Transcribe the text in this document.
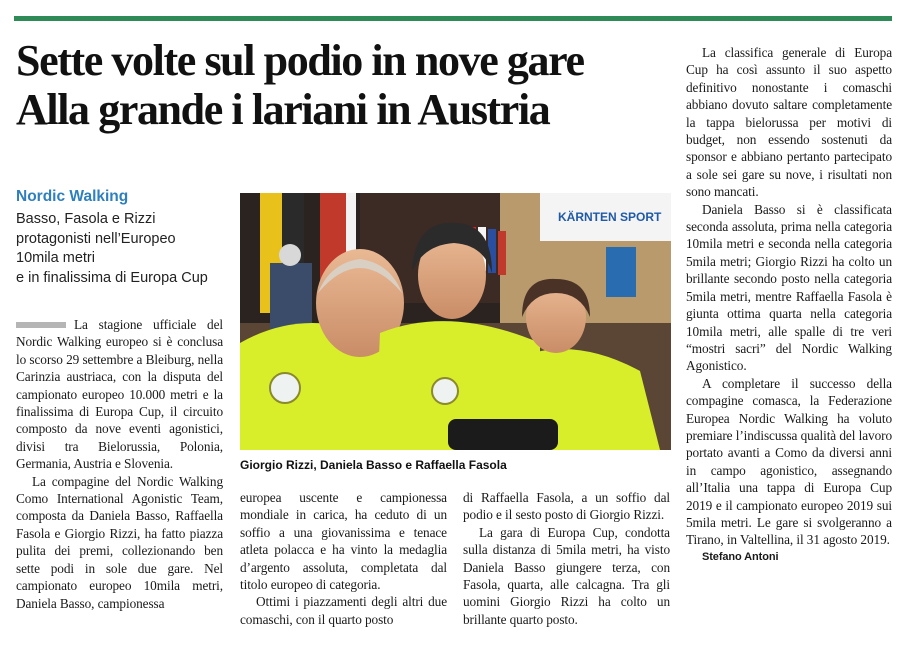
Sette volte sul podio in nove gare
Alla grande i lariani in Austria
Nordic Walking
Basso, Fasola e Rizzi
protagonisti nell’Europeo
10mila metri
e in finalissima di Europa Cup

La stagione ufficiale del Nordic Walking europeo si è conclusa lo scorso 29 settembre a Bleiburg, nella Carinzia austriaca, con la disputa del campionato europeo 10.000 metri e la finalissima di Europa Cup, il circuito composto da nove eventi agonistici, divisi tra Bielorussia, Polonia, Germania, Austria e Slovenia.

La compagine del Nordic Walking Como International Agonistic Team, composta da Daniela Basso, Raffaella Fasola e Giorgio Rizzi, ha fatto piazza pulita dei premi, collezionando ben sette podi in sole due gare. Nel campionato europeo 10mila metri, Daniela Basso, campionessa

KÄRNTEN SPORT
Giorgio Rizzi, Daniela Basso e Raffaella Fasola

europea uscente e campionessa mondiale in carica, ha ceduto di un soffio a una giovanissima e tenace atleta polacca e ha vinto la medaglia d’argento assoluta, completata dal titolo europeo di categoria.

Ottimi i piazzamenti degli altri due comaschi, con il quarto posto

di Raffaella Fasola, a un soffio dal podio e il sesto posto di Giorgio Rizzi.

La gara di Europa Cup, condotta sulla distanza di 5mila metri, ha visto Daniela Basso giungere terza, con Fasola, quarta, alle calcagna. Tra gli uomini Giorgio Rizzi ha colto un brillante quarto posto.

La classifica generale di Europa Cup ha così assunto il suo aspetto definitivo nonostante i comaschi abbiano dovuto saltare completamente la tappa bielorussa per motivi di budget, non essendo sostenuti da sponsor e abbiano pertanto partecipato a sole sei gare su nove, i risultati non sono mancati.

Daniela Basso si è classificata seconda assoluta, prima nella categoria 10mila metri e seconda nella categoria 5mila metri; Giorgio Rizzi ha colto un brillante secondo posto nella categoria 5mila metri, mentre Raffaella Fasola è giunta ottima quarta nella categoria 10mila metri, alle spalle di tre veri “mostri sacri” del Nordic Walking Agonistico.

A completare il successo della compagine comasca, la Federazione Europea Nordic Walking ha voluto premiare l’indiscussa qualità del lavoro portato avanti a Como da diversi anni in campo agonistico, assegnando all’Italia una tappa di Europa Cup 2019 e il campionato europeo 2019 sui 5mila metri. Le gare si svolgeranno a Tirano, in Valtellina, il 31 agosto 2019.

Stefano Antoni
